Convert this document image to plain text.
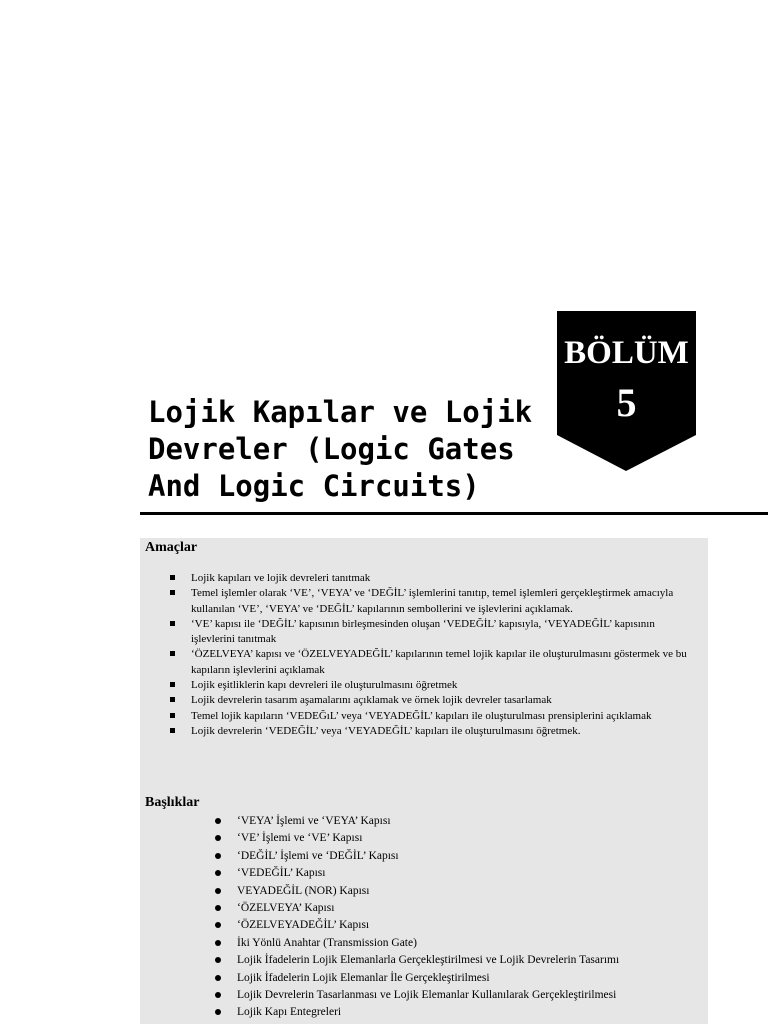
BÖLÜM
5
Lojik Kapılar ve Lojik
Devreler (Logic Gates
And Logic Circuits)
Amaçlar
Lojik kapıları ve lojik devreleri tanıtmak
Temel işlemler olarak ‘VE’, ‘VEYA’ ve ‘DEĞİL’ işlemlerini tanıtıp, temel işlemleri gerçekleştirmek amacıyla kullanılan ‘VE’, ‘VEYA’ ve ‘DEĞİL’ kapılarının sembollerini ve işlevlerini açıklamak.
‘VE’ kapısı ile ‘DEĞİL’ kapısının birleşmesinden oluşan ‘VEDEĞİL’ kapısıyla, ‘VEYADEĞİL’ kapısının işlevlerini tanıtmak
‘ÖZELVEYA’ kapısı ve ‘ÖZELVEYADEĞİL’ kapılarının temel lojik kapılar ile oluşturulmasını göstermek ve bu kapıların işlevlerini açıklamak
Lojik eşitliklerin kapı devreleri ile oluşturulmasını öğretmek
Lojik devrelerin tasarım aşamalarını açıklamak ve örnek lojik devreler tasarlamak
Temel lojik kapıların ‘VEDEĞıL’ veya ‘VEYADEĞİL’ kapıları ile oluşturulması prensiplerini açıklamak
Lojik devrelerin ‘VEDEĞİL’ veya ‘VEYADEĞİL’ kapıları ile oluşturulmasını öğretmek.
Başlıklar
‘VEYA’ İşlemi ve ‘VEYA’ Kapısı
‘VE’ İşlemi ve ‘VE’ Kapısı
‘DEĞİL’ İşlemi ve ‘DEĞİL’ Kapısı
‘VEDEĞİL’ Kapısı
VEYADEĞİL (NOR) Kapısı
‘ÖZELVEYA’ Kapısı
‘ÖZELVEYADEĞİL’ Kapısı
İki Yönlü Anahtar (Transmission Gate)
Lojik İfadelerin Lojik Elemanlarla Gerçekleştirilmesi ve Lojik Devrelerin Tasarımı
Lojik İfadelerin Lojik Elemanlar İle Gerçekleştirilmesi
Lojik Devrelerin Tasarlanması ve Lojik Elemanlar Kullanılarak Gerçekleştirilmesi
Lojik Kapı Entegreleri
